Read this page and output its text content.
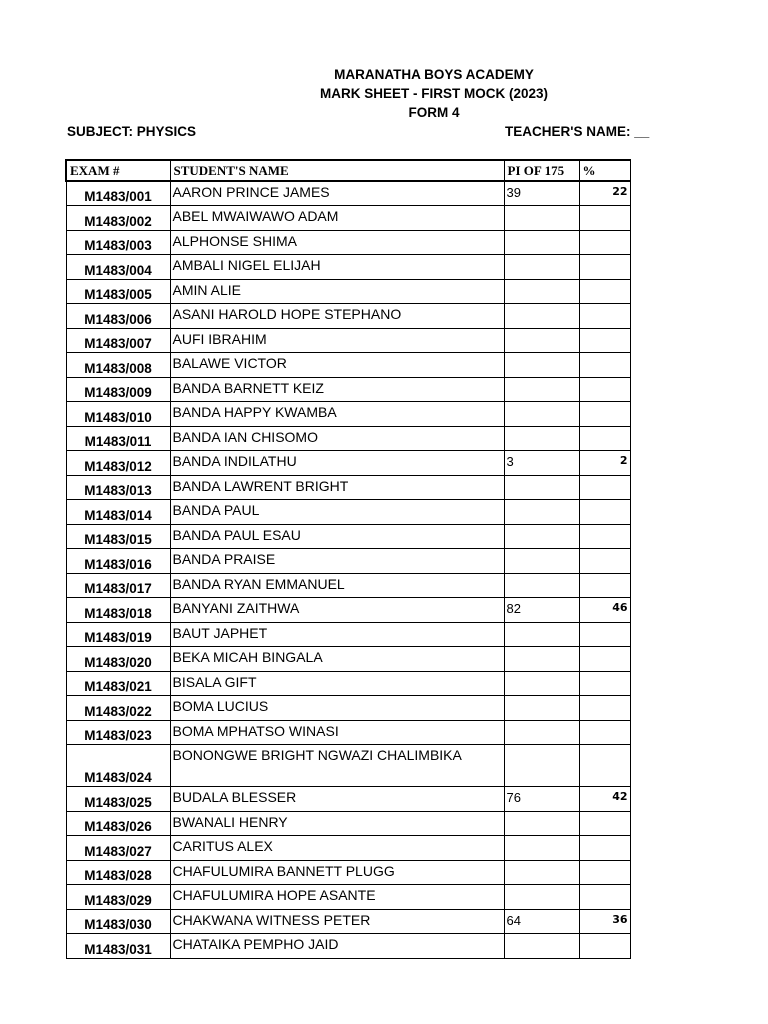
MARANATHA BOYS ACADEMY
MARK SHEET - FIRST MOCK (2023)
FORM 4
SUBJECT: PHYSICS	TEACHER'S NAME: __
EXAM #	STUDENT'S NAME	PI OF 175	%
M1483/001	AARON PRINCE JAMES	39	22
M1483/002	ABEL MWAIWAWO ADAM		
M1483/003	ALPHONSE SHIMA		
M1483/004	AMBALI NIGEL ELIJAH		
M1483/005	AMIN ALIE		
M1483/006	ASANI HAROLD HOPE STEPHANO		
M1483/007	AUFI IBRAHIM		
M1483/008	BALAWE VICTOR		
M1483/009	BANDA BARNETT KEIZ		
M1483/010	BANDA HAPPY KWAMBA		
M1483/011	BANDA IAN CHISOMO		
M1483/012	BANDA INDILATHU	3	2
M1483/013	BANDA LAWRENT BRIGHT		
M1483/014	BANDA PAUL		
M1483/015	BANDA PAUL ESAU		
M1483/016	BANDA PRAISE		
M1483/017	BANDA RYAN EMMANUEL		
M1483/018	BANYANI ZAITHWA	82	46
M1483/019	BAUT JAPHET		
M1483/020	BEKA MICAH BINGALA		
M1483/021	BISALA GIFT		
M1483/022	BOMA LUCIUS		
M1483/023	BOMA MPHATSO WINASI		
M1483/024	BONONGWE BRIGHT NGWAZI CHALIMBIKA		
M1483/025	BUDALA BLESSER	76	42
M1483/026	BWANALI HENRY		
M1483/027	CARITUS ALEX		
M1483/028	CHAFULUMIRA BANNETT PLUGG		
M1483/029	CHAFULUMIRA HOPE ASANTE		
M1483/030	CHAKWANA WITNESS PETER	64	36
M1483/031	CHATAIKA PEMPHO JAID		
